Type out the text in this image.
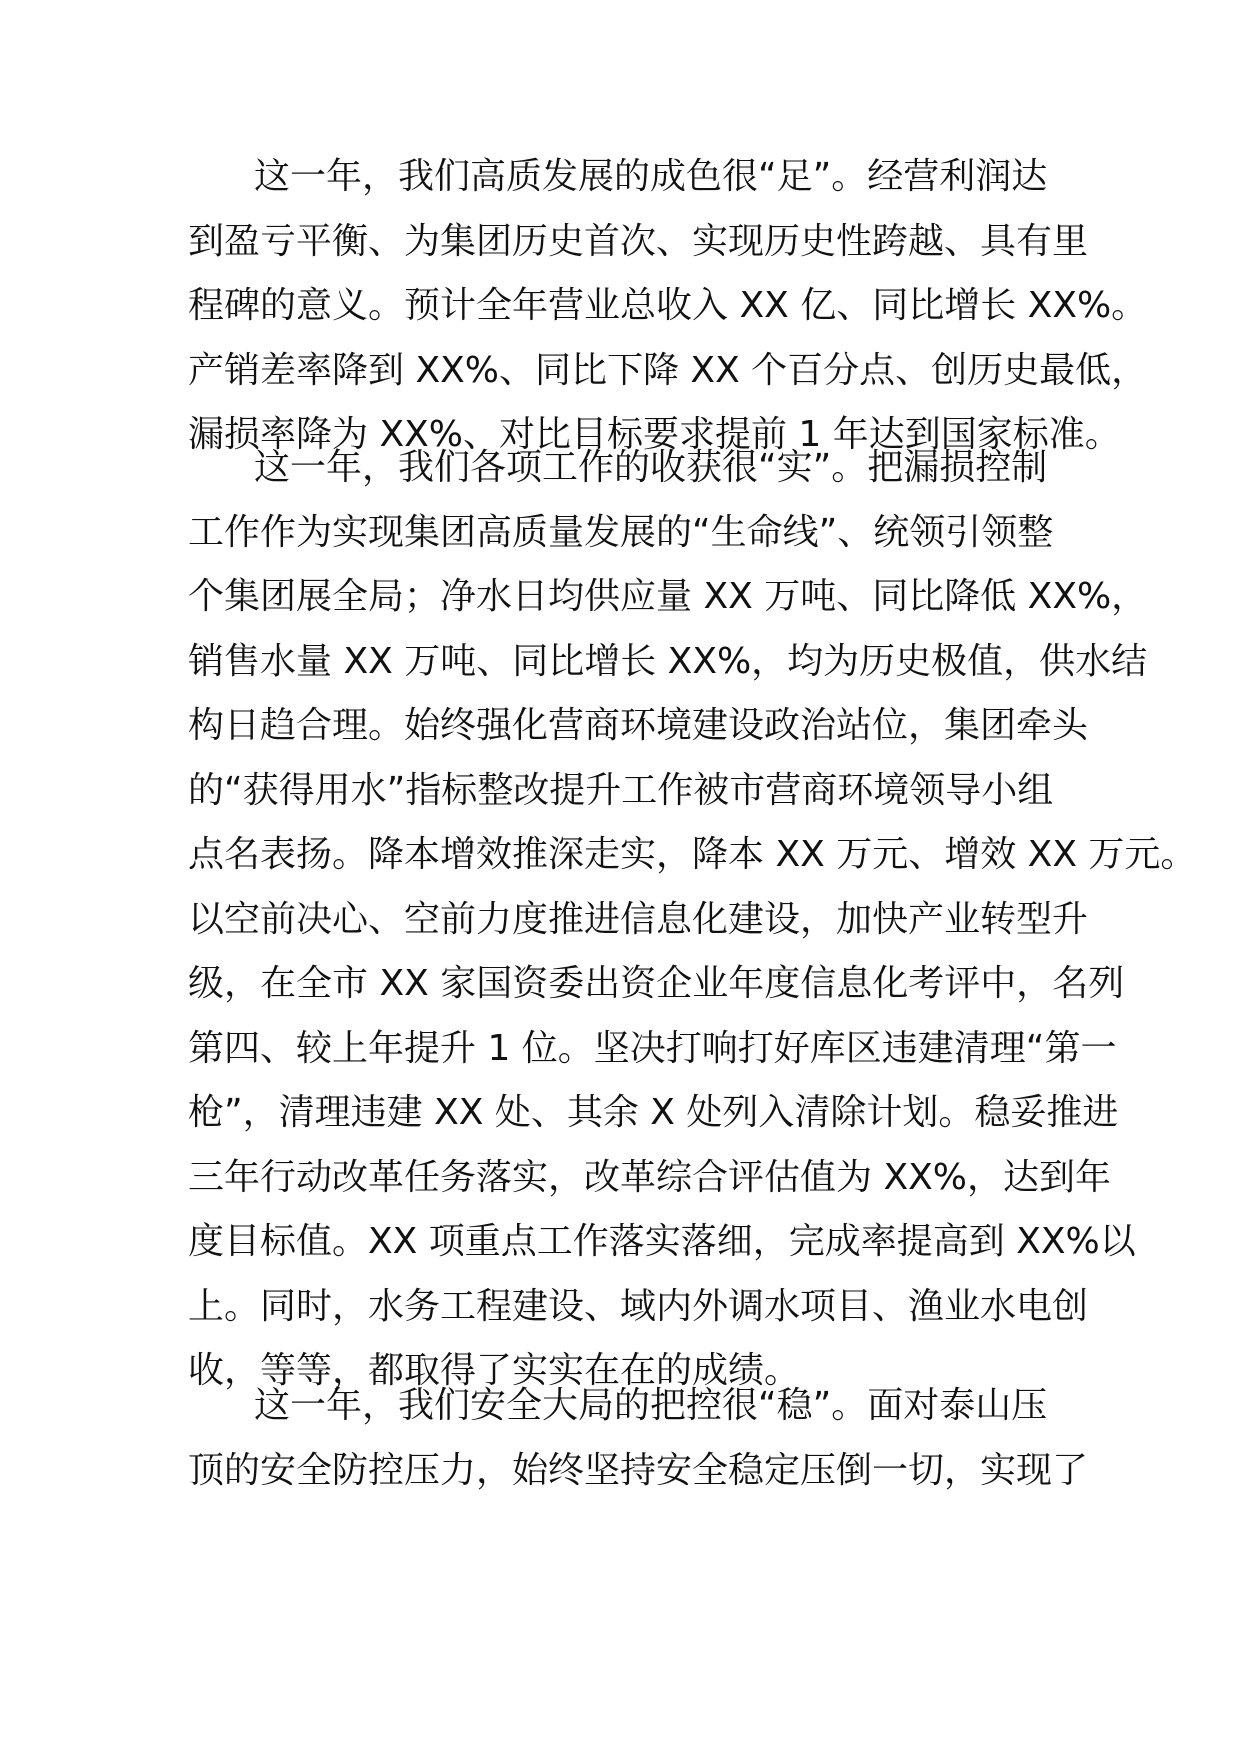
这一年，我们高质发展的成色很“足”。经营利润达
到盈亏平衡、为集团历史首次、实现历史性跨越、具有里
程碑的意义。预计全年营业总收入 XX 亿、同比增长 XX%。
产销差率降到 XX%、同比下降 XX 个百分点、创历史最低，
漏损率降为 XX%、对比目标要求提前 1 年达到国家标准。
这一年，我们各项工作的收获很“实”。把漏损控制
工作作为实现集团高质量发展的“生命线”、统领引领整
个集团展全局；净水日均供应量 XX 万吨、同比降低 XX%，
销售水量 XX 万吨、同比增长 XX%，均为历史极值，供水结
构日趋合理。始终强化营商环境建设政治站位，集团牵头
的“获得用水”指标整改提升工作被市营商环境领导小组
点名表扬。降本增效推深走实，降本 XX 万元、增效 XX 万元。
以空前决心、空前力度推进信息化建设，加快产业转型升
级，在全市 XX 家国资委出资企业年度信息化考评中，名列
第四、较上年提升 1 位。坚决打响打好库区违建清理“第一
枪”，清理违建 XX 处、其余 X 处列入清除计划。稳妥推进
三年行动改革任务落实，改革综合评估值为 XX%，达到年
度目标值。XX 项重点工作落实落细，完成率提高到 XX%以
上。同时，水务工程建设、域内外调水项目、渔业水电创
收，等等，都取得了实实在在的成绩。
这一年，我们安全大局的把控很“稳”。面对泰山压
顶的安全防控压力，始终坚持安全稳定压倒一切，实现了
